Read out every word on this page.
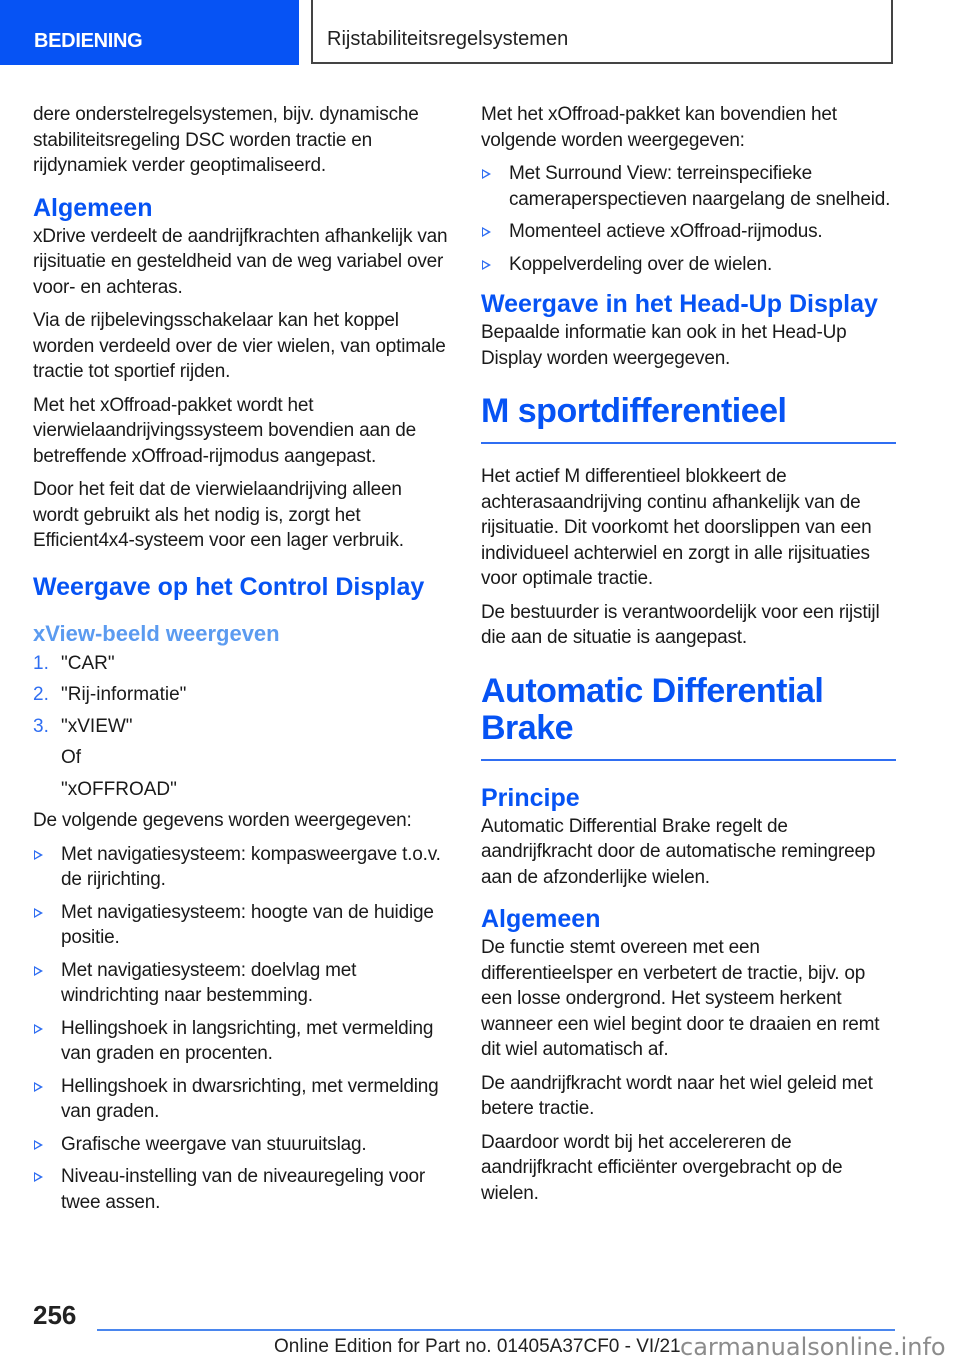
BEDIENING	Rijstabiliteitsregelsystemen

dere onderstelregelsystemen, bijv. dynamische stabiliteitsregeling DSC worden tractie en rijdynamiek verder geoptimaliseerd.

Algemeen

xDrive verdeelt de aandrijfkrachten afhankelijk van rijsituatie en gesteldheid van de weg variabel over voor- en achteras.

Via de rijbelevingsschakelaar kan het koppel worden verdeeld over de vier wielen, van optimale tractie tot sportief rijden.

Met het xOffroad-pakket wordt het vierwielaandrijvingssysteem bovendien aan de betreffende xOffroad-rijmodus aangepast.

Door het feit dat de vierwielaandrijving alleen wordt gebruikt als het nodig is, zorgt het Efficient4x4-systeem voor een lager verbruik.

Weergave op het Control Display
xView-beeld weergeven
1. "CAR"
2. "Rij-informatie"
3. "xVIEW"
Of
"xOFFROAD"

De volgende gegevens worden weergegeven:

Met navigatiesysteem: kompasweergave t.o.v. de rijrichting.
Met navigatiesysteem: hoogte van de huidige positie.
Met navigatiesysteem: doelvlag met windrichting naar bestemming.
Hellingshoek in langsrichting, met vermelding van graden en procenten.
Hellingshoek in dwarsrichting, met vermelding van graden.
Grafische weergave van stuuruitslag.
Niveau-instelling van de niveauregeling voor twee assen.

Met het xOffroad-pakket kan bovendien het volgende worden weergegeven:

Met Surround View: terreinspecifieke cameraperspectieven naargelang de snelheid.
Momenteel actieve xOffroad-rijmodus.
Koppelverdeling over de wielen.
Weergave in het Head-Up Display

Bepaalde informatie kan ook in het Head-Up Display worden weergegeven.

M sportdifferentieel

Het actief M differentieel blokkeert de achterasaandrijving continu afhankelijk van de rijsituatie. Dit voorkomt het doorslippen van een individueel achterwiel en zorgt in alle rijsituaties voor optimale tractie.

De bestuurder is verantwoordelijk voor een rijstijl die aan de situatie is aangepast.

Automatic Differential Brake
Principe

Automatic Differential Brake regelt de aandrijfkracht door de automatische remingreep aan de afzonderlijke wielen.

Algemeen

De functie stemt overeen met een differentieelsper en verbetert de tractie, bijv. op een losse ondergrond. Het systeem herkent wanneer een wiel begint door te draaien en remt dit wiel automatisch af.

De aandrijfkracht wordt naar het wiel geleid met betere tractie.

Daardoor wordt bij het accelereren de aandrijfkracht efficiënter overgebracht op de wielen.

256
Online Edition for Part no. 01405A37CF0 - VI/21 carmanualsonline.info
